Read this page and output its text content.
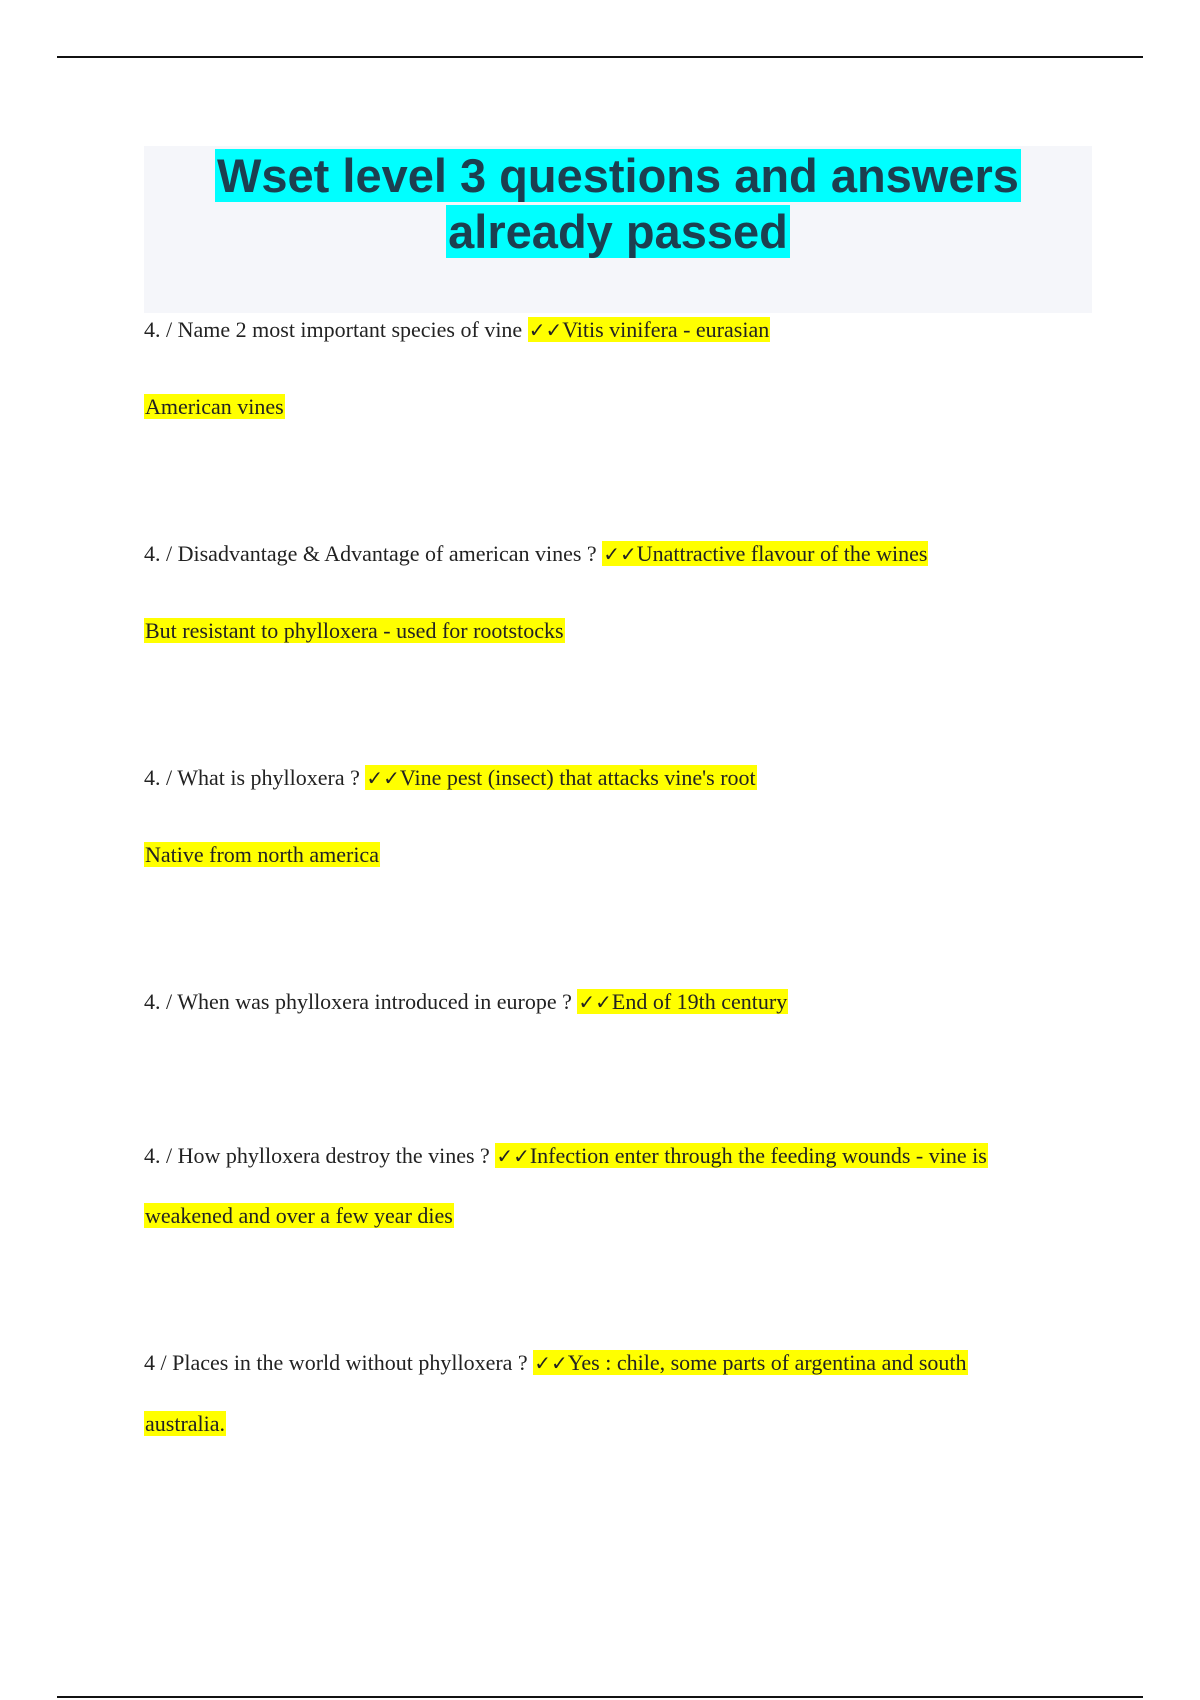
Wset level 3 questions and answers
already passed
4. / Name 2 most important species of vine ✓✓Vitis vinifera - eurasian
American vines
4. / Disadvantage & Advantage of american vines ? ✓✓Unattractive flavour of the wines
But resistant to phylloxera - used for rootstocks
4. / What is phylloxera ? ✓✓Vine pest (insect) that attacks vine's root
Native from north america
4. / When was phylloxera introduced in europe ? ✓✓End of 19th century
4. / How phylloxera destroy the vines ? ✓✓Infection enter through the feeding wounds - vine is
weakened and over a few year dies
4 / Places in the world without phylloxera ? ✓✓Yes : chile, some parts of argentina and south
australia.
